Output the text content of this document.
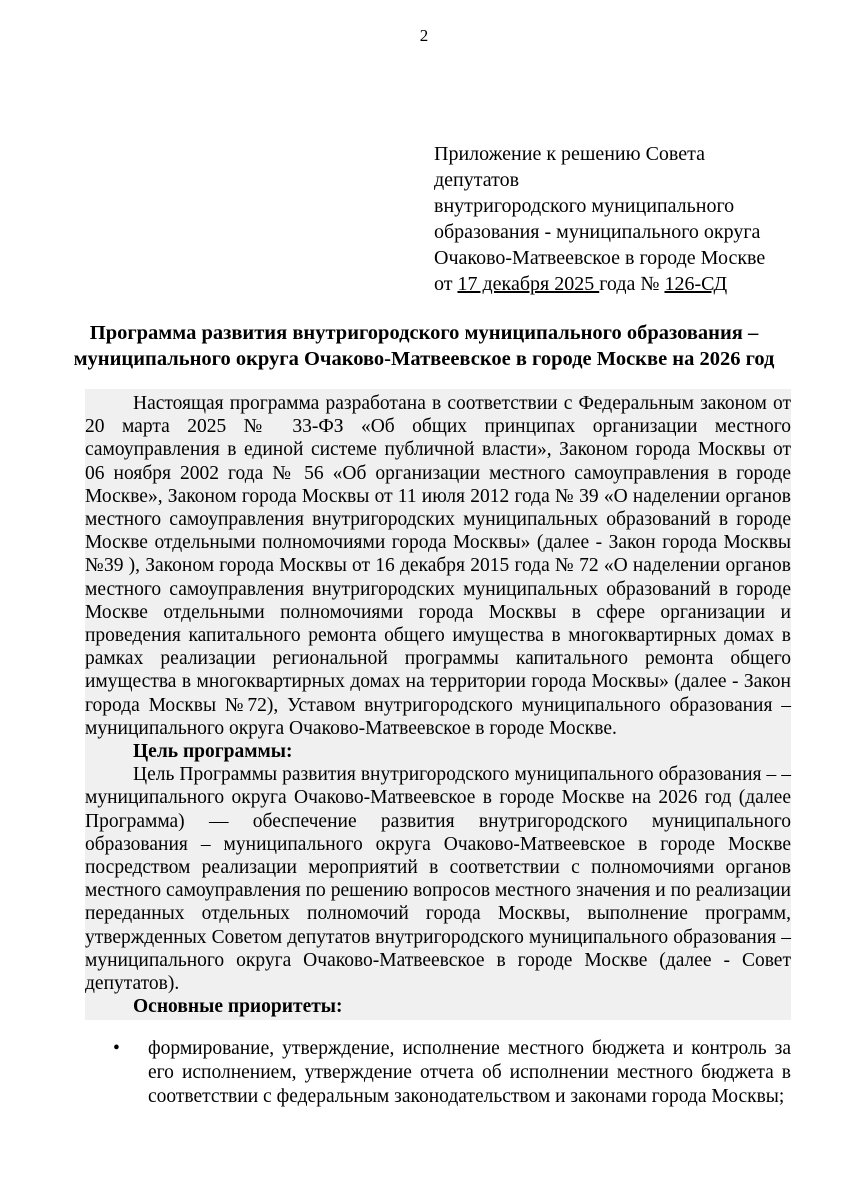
2
Приложение к решению Совета
депутатов
внутригородского муниципального
образования - муниципального округа
Очаково-Матвеевское в городе Москве
от 17 декабря 2025 года № 126-СД
Программа развития внутригородского муниципального образования – муниципального округа Очаково-Матвеевское в городе Москве на 2026 год

Настоящая программа разработана в соответствии с Федеральным законом от 20 марта 2025 № 33-ФЗ «Об общих принципах организации местного самоуправления в единой системе публичной власти», Законом города Москвы от 06 ноября 2002 года № 56 «Об организации местного самоуправления в городе Москве», Законом города Москвы от 11 июля 2012 года № 39 «О наделении органов местного самоуправления внутригородских муниципальных образований в городе Москве отдельными полномочиями города Москвы» (далее - Закон города Москвы №39 ), Законом города Москвы от 16 декабря 2015 года № 72 «О наделении органов местного самоуправления внутригородских муниципальных образований в городе Москве отдельными полномочиями города Москвы в сфере организации и проведения капитального ремонта общего имущества в многоквартирных домах в рамках реализации региональной программы капитального ремонта общего имущества в многоквартирных домах на территории города Москвы» (далее - Закон города Москвы №72), Уставом внутригородского муниципального образования – муниципального округа Очаково-Матвеевское в городе Москве.

Цель программы:

Цель Программы развития внутригородского муниципального образования – –муниципального округа Очаково-Матвеевское в городе Москве на 2026 год (далее Программа) — обеспечение развития внутригородского муниципального образования – муниципального округа Очаково-Матвеевское в городе Москве посредством реализации мероприятий в соответствии с полномочиями органов местного самоуправления по решению вопросов местного значения и по реализации переданных отдельных полномочий города Москвы, выполнение программ, утвержденных Советом депутатов внутригородского муниципального образования – муниципального округа Очаково-Матвеевское в городе Москве (далее - Совет депутатов).

Основные приоритеты:

•	формирование, утверждение, исполнение местного бюджета и контроль за его исполнением, утверждение отчета об исполнении местного бюджета в соответствии с федеральным законодательством и законами города Москвы;
